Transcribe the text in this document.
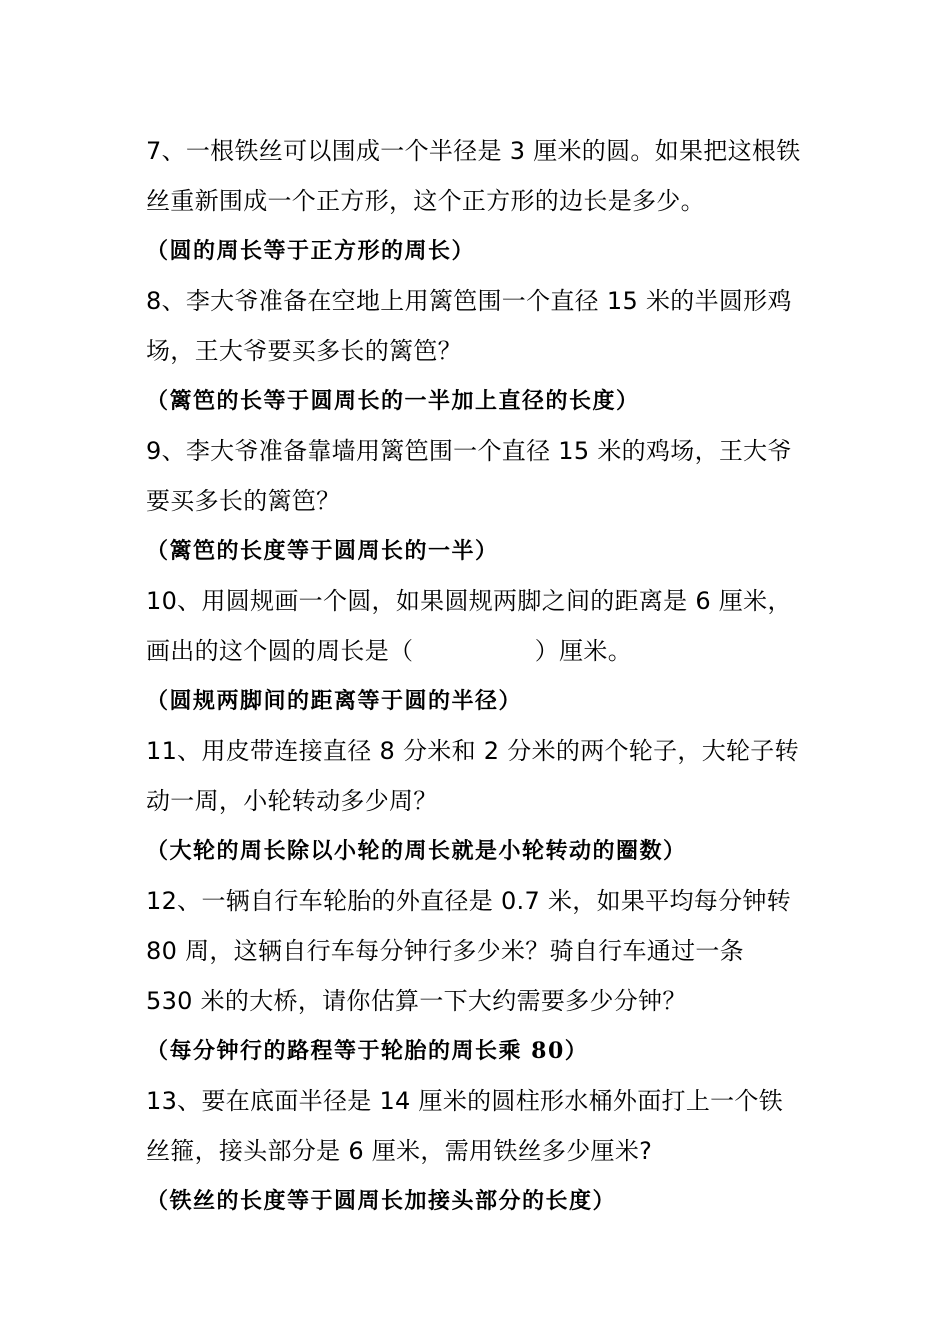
7、一根铁丝可以围成一个半径是 3 厘米的圆。如果把这根铁
丝重新围成一个正方形，这个正方形的边长是多少。
（圆的周长等于正方形的周长）
8、李大爷准备在空地上用篱笆围一个直径 15 米的半圆形鸡
场，王大爷要买多长的篱笆？
（篱笆的长等于圆周长的一半加上直径的长度）
9、李大爷准备靠墙用篱笆围一个直径 15 米的鸡场，王大爷
要买多长的篱笆？
（篱笆的长度等于圆周长的一半）
10、用圆规画一个圆，如果圆规两脚之间的距离是 6 厘米，
画出的这个圆的周长是（　　　　　）厘米。
（圆规两脚间的距离等于圆的半径）
11、用皮带连接直径 8 分米和 2 分米的两个轮子，大轮子转
动一周，小轮转动多少周？
（大轮的周长除以小轮的周长就是小轮转动的圈数）
12、一辆自行车轮胎的外直径是 0.7 米，如果平均每分钟转
80 周，这辆自行车每分钟行多少米？骑自行车通过一条
530 米的大桥，请你估算一下大约需要多少分钟？
（每分钟行的路程等于轮胎的周长乘 80）
13、要在底面半径是 14 厘米的圆柱形水桶外面打上一个铁
丝箍，接头部分是 6 厘米，需用铁丝多少厘米?
（铁丝的长度等于圆周长加接头部分的长度）
